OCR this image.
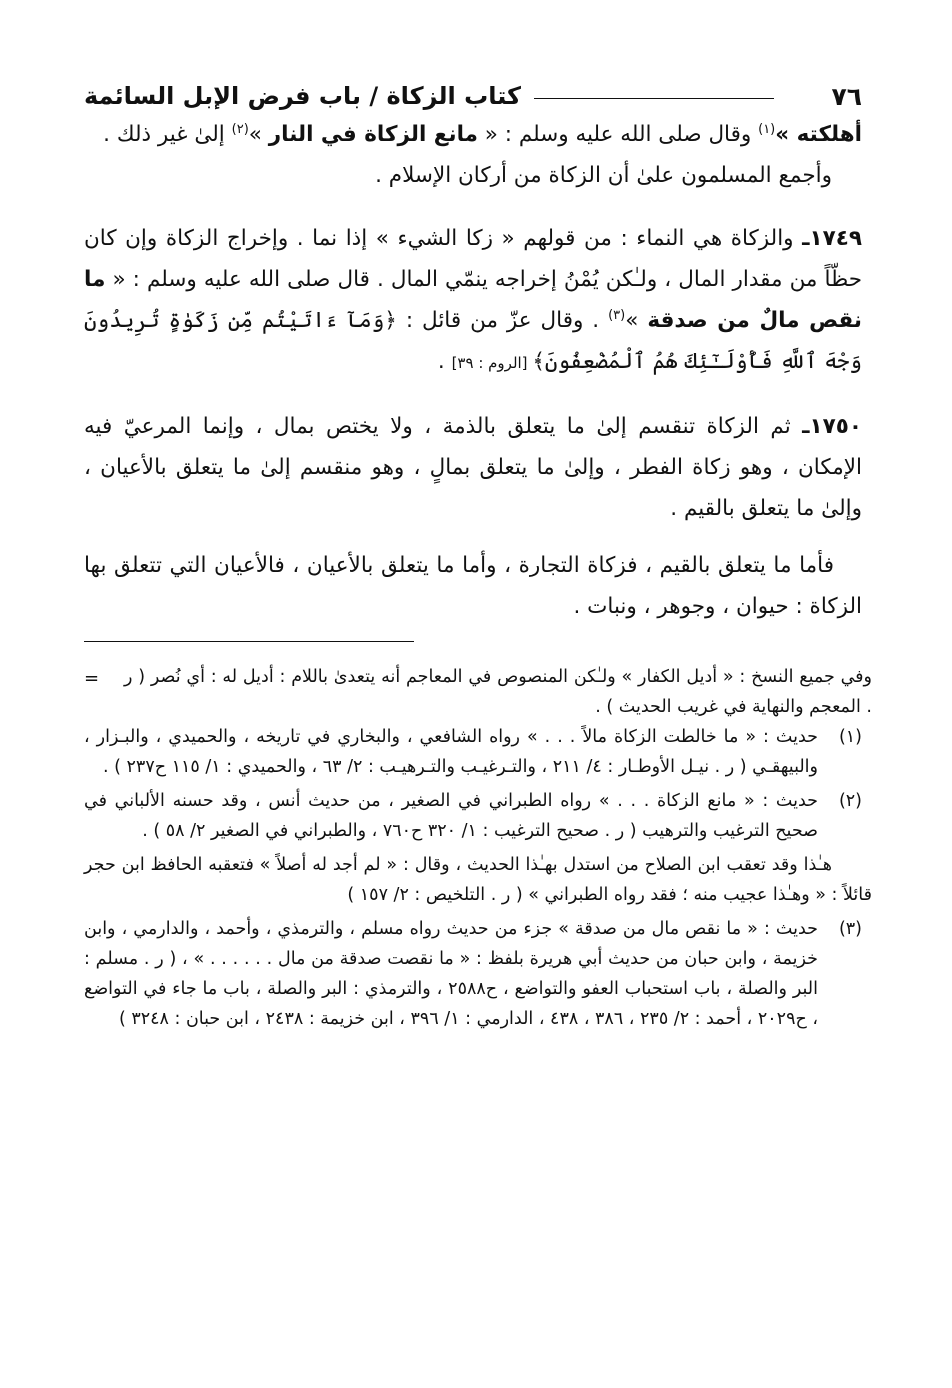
٧٦
كتاب الزكاة / باب فرض الإبل السائمة

أهلكته »$^{(١)}$ وقال صلى الله عليه وسلم : « مانع الزكاة في النار »$^{(٢)}$ إلىٰ غير ذلك .

وأجمع المسلمون علىٰ أن الزكاة من أركان الإسلام .

١٧٤٩ـ والزكاة هي النماء : من قولهم « زكا الشيء » إذا نما . وإخراج الزكاة وإن كان حظّاً من مقدار المال ، ولـٰكن يُمْنُ إخراجه ينمّي المال . قال صلى الله عليه وسلم : « ما نقص مالٌ من صدقة »$^{(٣)}$ . وقال عزّ من قائل : ﴿وَمَآ ءَاتَيْتُم مِّن زَكَوٰةٍ تُرِيدُونَ وَجْهَ ٱللَّهِ فَأُوْلَـٰٓئِكَ هُمُ ٱلْمُضْعِفُونَ﴾ [الروم : ٣٩] .

١٧٥٠ـ ثم الزكاة تنقسم إلىٰ ما يتعلق بالذمة ، ولا يختص بمال ، وإنما المرعيّ فيه الإمكان ، وهو زكاة الفطر ، وإلىٰ ما يتعلق بمالٍ ، وهو منقسم إلىٰ ما يتعلق بالأعيان ، وإلىٰ ما يتعلق بالقيم .

فأما ما يتعلق بالقيم ، فزكاة التجارة ، وأما ما يتعلق بالأعيان ، فالأعيان التي تتعلق بها الزكاة : حيوان ، وجوهر ، ونبات .

=	وفي جميع النسخ : « أديل الكفار » ولـٰكن المنصوص في المعاجم أنه يتعدىٰ باللام : أديل له : أي نُصر ( ر . المعجم والنهاية في غريب الحديث ) .
(١)
حديث : « ما خالطت الزكاة مالاً . . . » رواه الشافعي ، والبخاري في تاريخه ، والحميدي ، والبـزار ، والبيهقـي ( ر . نيـل الأوطـار : ٤/ ٢١١ ، والتـرغيـب والتـرهيـب : ٢/ ٦٣ ، والحميدي : ١/ ١١٥ ح٢٣٧ ) .
(٢)
حديث : « مانع الزكاة . . . » رواه الطبراني في الصغير ، من حديث أنس ، وقد حسنه الألباني في صحيح الترغيب والترهيب ( ر . صحيح الترغيب : ١/ ٣٢٠ ح٧٦٠ ، والطبراني في الصغير ٢/ ٥٨ ) .
هـٰذا وقد تعقب ابن الصلاح من استدل بهـٰذا الحديث ، وقال : « لم أجد له أصلاً » فتعقبه الحافظ ابن حجر قائلاً : « وهـٰذا عجيب منه ؛ فقد رواه الطبراني » ( ر . التلخيص : ٢/ ١٥٧ )
(٣)
حديث : « ما نقص مال من صدقة » جزء من حديث رواه مسلم ، والترمذي ، وأحمد ، والدارمي ، وابن خزيمة ، وابن حبان من حديث أبي هريرة بلفظ : « ما نقصت صدقة من مال . . . . . . » ، ( ر . مسلم : البر والصلة ، باب استحباب العفو والتواضع ، ح٢٥٨٨ ، والترمذي : البر والصلة ، باب ما جاء في التواضع ، ح٢٠٢٩ ، أحمد : ٢/ ٢٣٥ ، ٣٨٦ ، ٤٣٨ ، الدارمي : ١/ ٣٩٦ ، ابن خزيمة : ٢٤٣٨ ، ابن حبان : ٣٢٤٨ )
